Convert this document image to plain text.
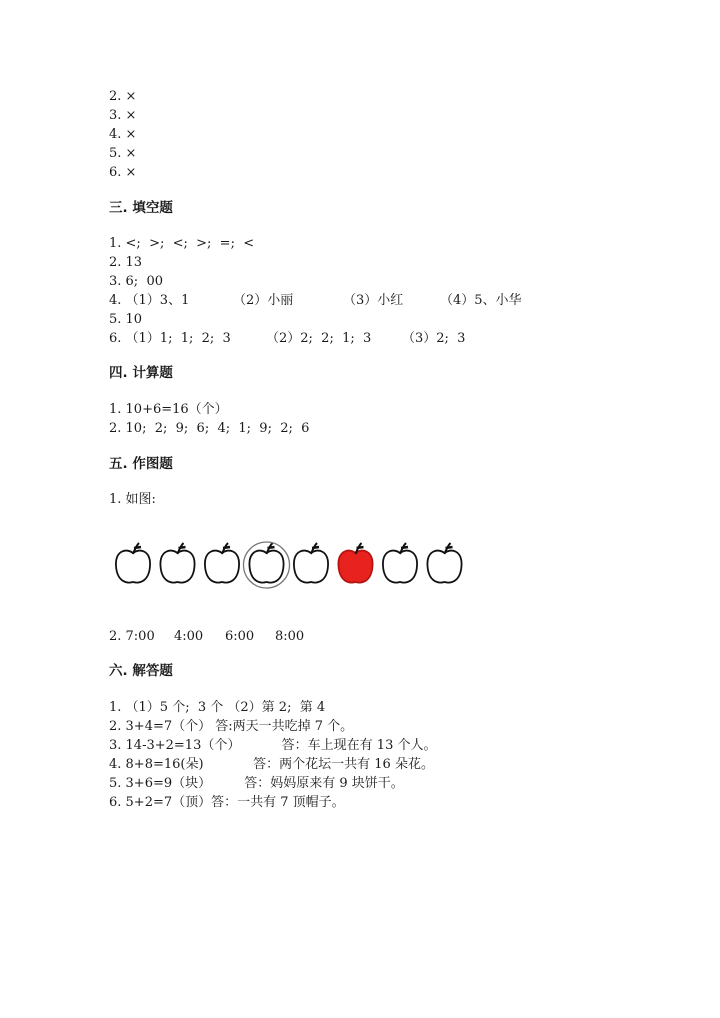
2. ×
3. ×
4. ×
5. ×
6. ×
三. 填空题
1. <;  >;  <;  >;  =;  <
2. 13
3. 6;  00
4. （1）3、1	（2）小丽	（3）小红	（4）5、小华
5. 10
6. （1）1;  1;  2;  3	（2）2;  2;  1;  3 （3）2;  3
四. 计算题
1. 10+6=16（个）
2. 10;  2;  9;  6;  4;  1;  9;  2;  6
五. 作图题
1. 如图:
2. 7:00 4:00 6:00 8:00
六. 解答题
1. （1）5 个;  3 个 （2）第 2;  第 4
2. 3+4=7（个） 答:两天一共吃掉 7 个。
3. 14-3+2=13（个）          答：车上现在有 13 个人。
4. 8+8=16(朵)            答：两个花坛一共有 16 朵花。
5. 3+6=9（块）        答：妈妈原来有 9 块饼干。
6. 5+2=7（顶）答：一共有 7 顶帽子。
